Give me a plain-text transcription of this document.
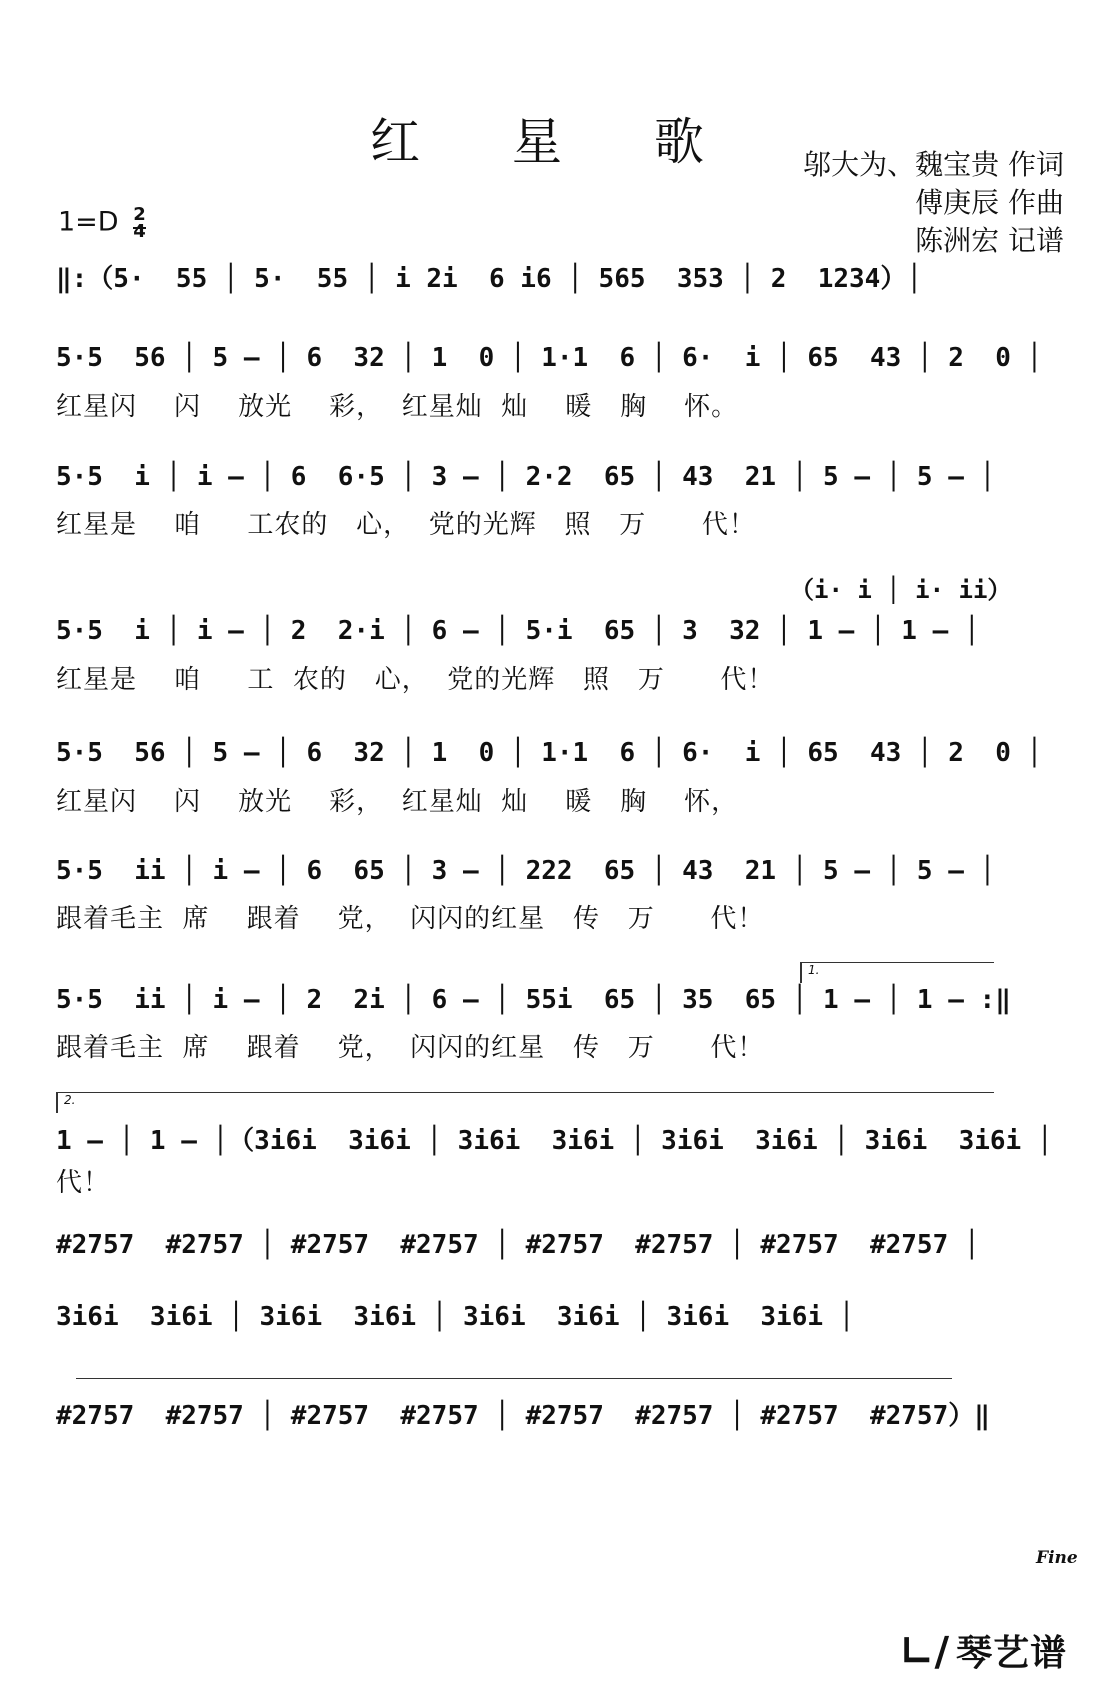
红 星 歌	邬大为、魏宝贵 作词
傅庚辰 作曲
陈洲宏 记谱
1=D 2
4
‖:（5·  55 │ 5·  55 │ i 2i  6 i6 │ 565  353 │ 2  1234）│
5·5  56 │ 5 – │ 6  32 │ 1  0 │ 1·1  6 │ 6·  i │ 65  43 │ 2  0 │
红星闪    闪    放光    彩，  红星灿  灿    暖   胸    怀。
5·5  i │ i – │ 6  6·5 │ 3 – │ 2·2  65 │ 43  21 │ 5 – │ 5 – │
红星是    咱     工农的   心，  党的光辉   照   万      代！
（i· i │ i· ii）
5·5  i │ i – │ 2  2·i │ 6 – │ 5·i  65 │ 3  32 │ 1 – │ 1 – │
红星是    咱     工  农的   心，  党的光辉   照   万      代！
5·5  56 │ 5 – │ 6  32 │ 1  0 │ 1·1  6 │ 6·  i │ 65  43 │ 2  0 │
红星闪    闪    放光    彩，  红星灿  灿    暖   胸    怀，
5·5  ii │ i – │ 6  65 │ 3 – │ 222  65 │ 43  21 │ 5 – │ 5 – │
跟着毛主  席    跟着    党，  闪闪的红星   传   万      代！
1.
5·5  ii │ i – │ 2  2i │ 6 – │ 55i  65 │ 35  65 │ 1 – │ 1 – :‖
跟着毛主  席    跟着    党，  闪闪的红星   传   万      代！
2.
1 – │ 1 – │（3i6i  3i6i │ 3i6i  3i6i │ 3i6i  3i6i │ 3i6i  3i6i │
代！
#2757  #2757 │ #2757  #2757 │ #2757  #2757 │ #2757  #2757 │
3i6i  3i6i │ 3i6i  3i6i │ 3i6i  3i6i │ 3i6i  3i6i │
#2757  #2757 │ #2757  #2757 │ #2757  #2757 │ #2757  #2757）‖
Fine
∟∕ 琴艺谱
